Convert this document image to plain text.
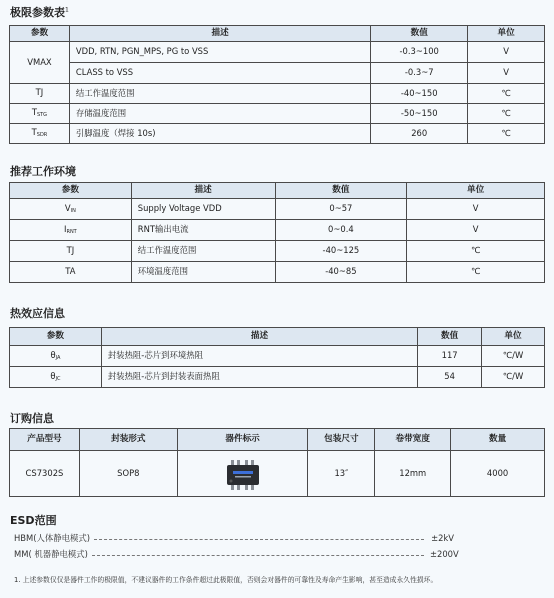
极限参数表$^1$
参数	描述	数值	单位
VMAX	VDD, RTN, PGN_MPS, PG to VSS	-0.3~100	V
	CLASS to VSS	-0.3~7	V
TJ	结工作温度范围	-40~150	℃
$T_{STG}$	存储温度范围	-50~150	℃
$T_{SDR}$	引脚温度（焊接 10s)	260	℃
推荐工作环境
参数	描述	数值	单位
$V_{IN}$	Supply Voltage VDD	0~57	V
$I_{RNT}$	RNT输出电流	0~0.4	V
TJ	结工作温度范围	-40~125	℃
TA	环境温度范围	-40~85	℃
热效应信息
参数	描述	数值	单位
$\theta_{JA}$	封装热阻-芯片到环境热阻	117	℃/W
$\theta_{JC}$	封装热阻-芯片到封装表面热阻	54	℃/W
订购信息
产品型号	封装形式	器件标示	包装尺寸	卷带宽度	数量
CS7302S	SOP8		13″	12mm	4000
ESD范围
HBM(人体静电模式)	±2kV
MM( 机器静电模式)	±200V
1. 上述参数仅仅是器件工作的极限值，不建议器件的工作条件超过此极限值，否则会对器件的可靠性及寿命产生影响，甚至造成永久性损坏。
